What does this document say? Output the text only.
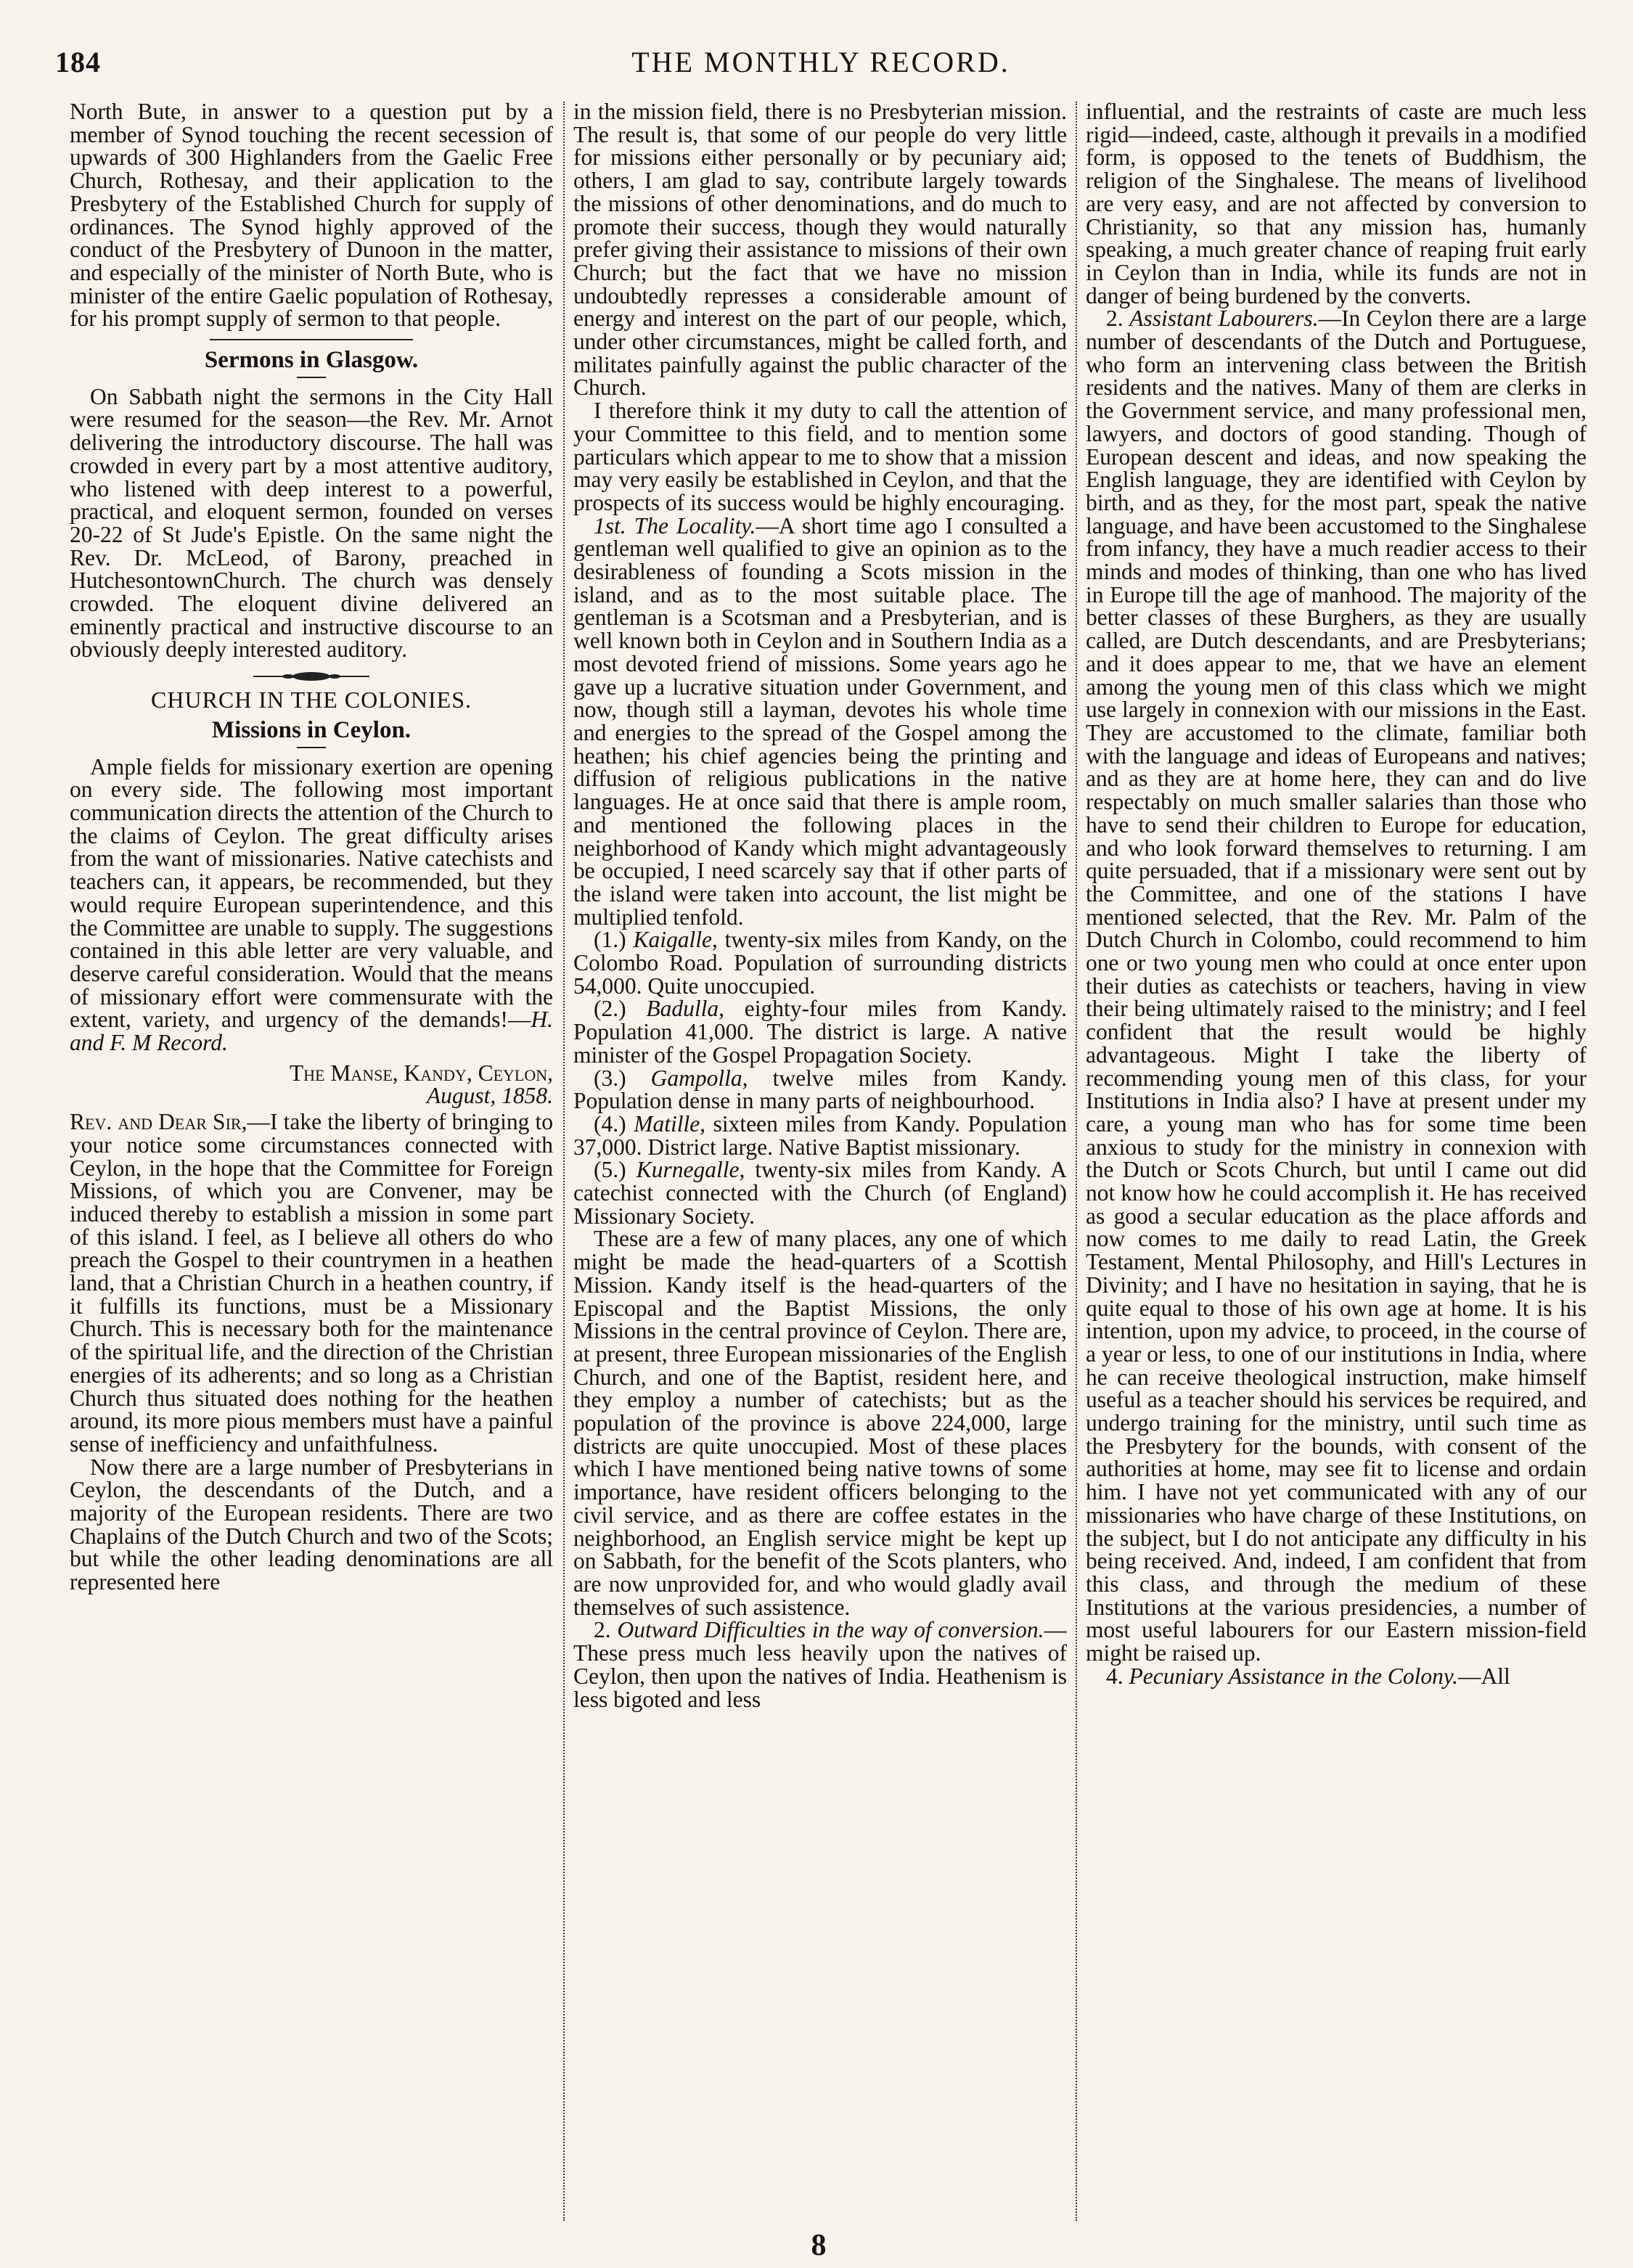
184	THE MONTHLY RECORD.

North Bute, in answer to a question put by a member of Synod touching the recent secession of upwards of 300 Highlanders from the Gaelic Free Church, Rothesay, and their application to the Presbytery of the Established Church for supply of ordinances. The Synod highly approved of the conduct of the Presbytery of Dunoon in the matter, and especially of the minister of North Bute, who is minister of the entire Gaelic population of Rothesay, for his prompt supply of sermon to that people.

Sermons in Glasgow.

On Sabbath night the sermons in the City Hall were resumed for the season—the Rev. Mr. Arnot delivering the introductory discourse. The hall was crowded in every part by a most attentive auditory, who listened with deep interest to a powerful, practical, and eloquent sermon, founded on verses 20-22 of St Jude's Epistle. On the same night the Rev. Dr. McLeod, of Barony, preached in HutchesontownChurch. The church was densely crowded. The eloquent divine delivered an eminently practical and instructive discourse to an obviously deeply interested auditory.

CHURCH IN THE COLONIES.
Missions in Ceylon.

Ample fields for missionary exertion are opening on every side. The following most important communication directs the attention of the Church to the claims of Ceylon. The great difficulty arises from the want of missionaries. Native catechists and teachers can, it appears, be recommended, but they would require European superintendence, and this the Committee are unable to supply. The suggestions contained in this able letter are very valuable, and deserve careful consideration. Would that the means of missionary effort were commensurate with the extent, variety, and urgency of the demands!—H. and F. M Record.

The Manse, Kandy, Ceylon,
August, 1858.

Rev. and Dear Sir,—I take the liberty of bringing to your notice some circumstances connected with Ceylon, in the hope that the Committee for Foreign Missions, of which you are Convener, may be induced thereby to establish a mission in some part of this island. I feel, as I believe all others do who preach the Gospel to their countrymen in a heathen land, that a Christian Church in a heathen country, if it fulfills its functions, must be a Missionary Church. This is necessary both for the maintenance of the spiritual life, and the direction of the Christian energies of its adherents; and so long as a Christian Church thus situated does nothing for the heathen around, its more pious members must have a painful sense of inefficiency and unfaithfulness.

Now there are a large number of Presbyterians in Ceylon, the descendants of the Dutch, and a majority of the European residents. There are two Chaplains of the Dutch Church and two of the Scots; but while the other leading denominations are all represented here

in the mission field, there is no Presbyterian mission. The result is, that some of our people do very little for missions either personally or by pecuniary aid; others, I am glad to say, contribute largely towards the missions of other denominations, and do much to promote their success, though they would naturally prefer giving their assistance to missions of their own Church; but the fact that we have no mission undoubtedly represses a considerable amount of energy and interest on the part of our people, which, under other circumstances, might be called forth, and militates painfully against the public character of the Church.

I therefore think it my duty to call the attention of your Committee to this field, and to mention some particulars which appear to me to show that a mission may very easily be established in Ceylon, and that the prospects of its success would be highly encouraging.

1st. The Locality.—A short time ago I consulted a gentleman well qualified to give an opinion as to the desirableness of founding a Scots mission in the island, and as to the most suitable place. The gentleman is a Scotsman and a Presbyterian, and is well known both in Ceylon and in Southern India as a most devoted friend of missions. Some years ago he gave up a lucrative situation under Government, and now, though still a layman, devotes his whole time and energies to the spread of the Gospel among the heathen; his chief agencies being the printing and diffusion of religious publications in the native languages. He at once said that there is ample room, and mentioned the following places in the neighborhood of Kandy which might advantageously be occupied, I need scarcely say that if other parts of the island were taken into account, the list might be multiplied tenfold.

(1.) Kaigalle, twenty-six miles from Kandy, on the Colombo Road. Population of surrounding districts 54,000. Quite unoccupied.

(2.) Badulla, eighty-four miles from Kandy. Population 41,000. The district is large. A native minister of the Gospel Propagation Society.

(3.) Gampolla, twelve miles from Kandy. Population dense in many parts of neighbourhood.

(4.) Matille, sixteen miles from Kandy. Population 37,000. District large. Native Baptist missionary.

(5.) Kurnegalle, twenty-six miles from Kandy. A catechist connected with the Church (of England) Missionary Society.

These are a few of many places, any one of which might be made the head-quarters of a Scottish Mission. Kandy itself is the head-quarters of the Episcopal and the Baptist Missions, the only Missions in the central province of Ceylon. There are, at present, three European missionaries of the English Church, and one of the Baptist, resident here, and they employ a number of catechists; but as the population of the province is above 224,000, large districts are quite unoccupied. Most of these places which I have mentioned being native towns of some importance, have resident officers belonging to the civil service, and as there are coffee estates in the neighborhood, an English service might be kept up on Sabbath, for the benefit of the Scots planters, who are now unprovided for, and who would gladly avail themselves of such assistence.

2. Outward Difficulties in the way of conversion.—These press much less heavily upon the natives of Ceylon, then upon the natives of India. Heathenism is less bigoted and less

influential, and the restraints of caste are much less rigid—indeed, caste, although it prevails in a modified form, is opposed to the tenets of Buddhism, the religion of the Singhalese. The means of livelihood are very easy, and are not affected by conversion to Christianity, so that any mission has, humanly speaking, a much greater chance of reaping fruit early in Ceylon than in India, while its funds are not in danger of being burdened by the converts.

2. Assistant Labourers.—In Ceylon there are a large number of descendants of the Dutch and Portuguese, who form an intervening class between the British residents and the natives. Many of them are clerks in the Government service, and many professional men, lawyers, and doctors of good standing. Though of European descent and ideas, and now speaking the English language, they are identified with Ceylon by birth, and as they, for the most part, speak the native language, and have been accustomed to the Singhalese from infancy, they have a much readier access to their minds and modes of thinking, than one who has lived in Europe till the age of manhood. The majority of the better classes of these Burghers, as they are usually called, are Dutch descendants, and are Presbyterians; and it does appear to me, that we have an element among the young men of this class which we might use largely in connexion with our missions in the East. They are accustomed to the climate, familiar both with the language and ideas of Europeans and natives; and as they are at home here, they can and do live respectably on much smaller salaries than those who have to send their children to Europe for education, and who look forward themselves to returning. I am quite persuaded, that if a missionary were sent out by the Committee, and one of the stations I have mentioned selected, that the Rev. Mr. Palm of the Dutch Church in Colombo, could recommend to him one or two young men who could at once enter upon their duties as catechists or teachers, having in view their being ultimately raised to the ministry; and I feel confident that the result would be highly advantageous. Might I take the liberty of recommending young men of this class, for your Institutions in India also? I have at present under my care, a young man who has for some time been anxious to study for the ministry in connexion with the Dutch or Scots Church, but until I came out did not know how he could accomplish it. He has received as good a secular education as the place affords and now comes to me daily to read Latin, the Greek Testament, Mental Philosophy, and Hill's Lectures in Divinity; and I have no hesitation in saying, that he is quite equal to those of his own age at home. It is his intention, upon my advice, to proceed, in the course of a year or less, to one of our institutions in India, where he can receive theological instruction, make himself useful as a teacher should his services be required, and undergo training for the ministry, until such time as the Presbytery for the bounds, with consent of the authorities at home, may see fit to license and ordain him. I have not yet communicated with any of our missionaries who have charge of these Institutions, on the subject, but I do not anticipate any difficulty in his being received. And, indeed, I am confident that from this class, and through the medium of these Institutions at the various presidencies, a number of most useful labourers for our Eastern mission-field might be raised up.

4. Pecuniary Assistance in the Colony.—All

8
